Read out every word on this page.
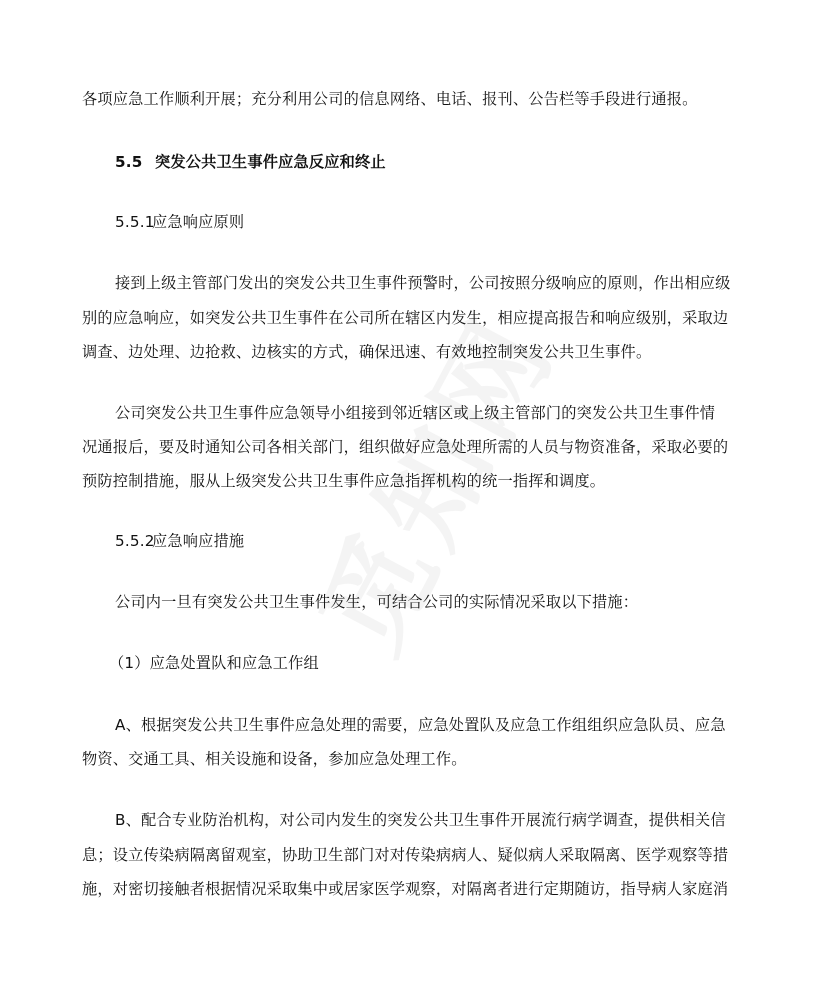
各项应急工作顺利开展；充分利用公司的信息网络、电话、报刊、公告栏等手段进行通报。
5.5 突发公共卫生事件应急反应和终止
5.5.1应急响应原则
接到上级主管部门发出的突发公共卫生事件预警时，公司按照分级响应的原则，作出相应级
别的应急响应，如突发公共卫生事件在公司所在辖区内发生，相应提高报告和响应级别，采取边
调查、边处理、边抢救、边核实的方式，确保迅速、有效地控制突发公共卫生事件。
公司突发公共卫生事件应急领导小组接到邻近辖区或上级主管部门的突发公共卫生事件情
况通报后，要及时通知公司各相关部门，组织做好应急处理所需的人员与物资准备，采取必要的
预防控制措施，服从上级突发公共卫生事件应急指挥机构的统一指挥和调度。
5.5.2应急响应措施
公司内一旦有突发公共卫生事件发生，可结合公司的实际情况采取以下措施：
（1）应急处置队和应急工作组
A、根据突发公共卫生事件应急处理的需要，应急处置队及应急工作组组织应急队员、应急
物资、交通工具、相关设施和设备，参加应急处理工作。
B、配合专业防治机构，对公司内发生的突发公共卫生事件开展流行病学调查，提供相关信
息；设立传染病隔离留观室，协助卫生部门对对传染病病人、疑似病人采取隔离、医学观察等措
施，对密切接触者根据情况采取集中或居家医学观察，对隔离者进行定期随访，指导病人家庭消
